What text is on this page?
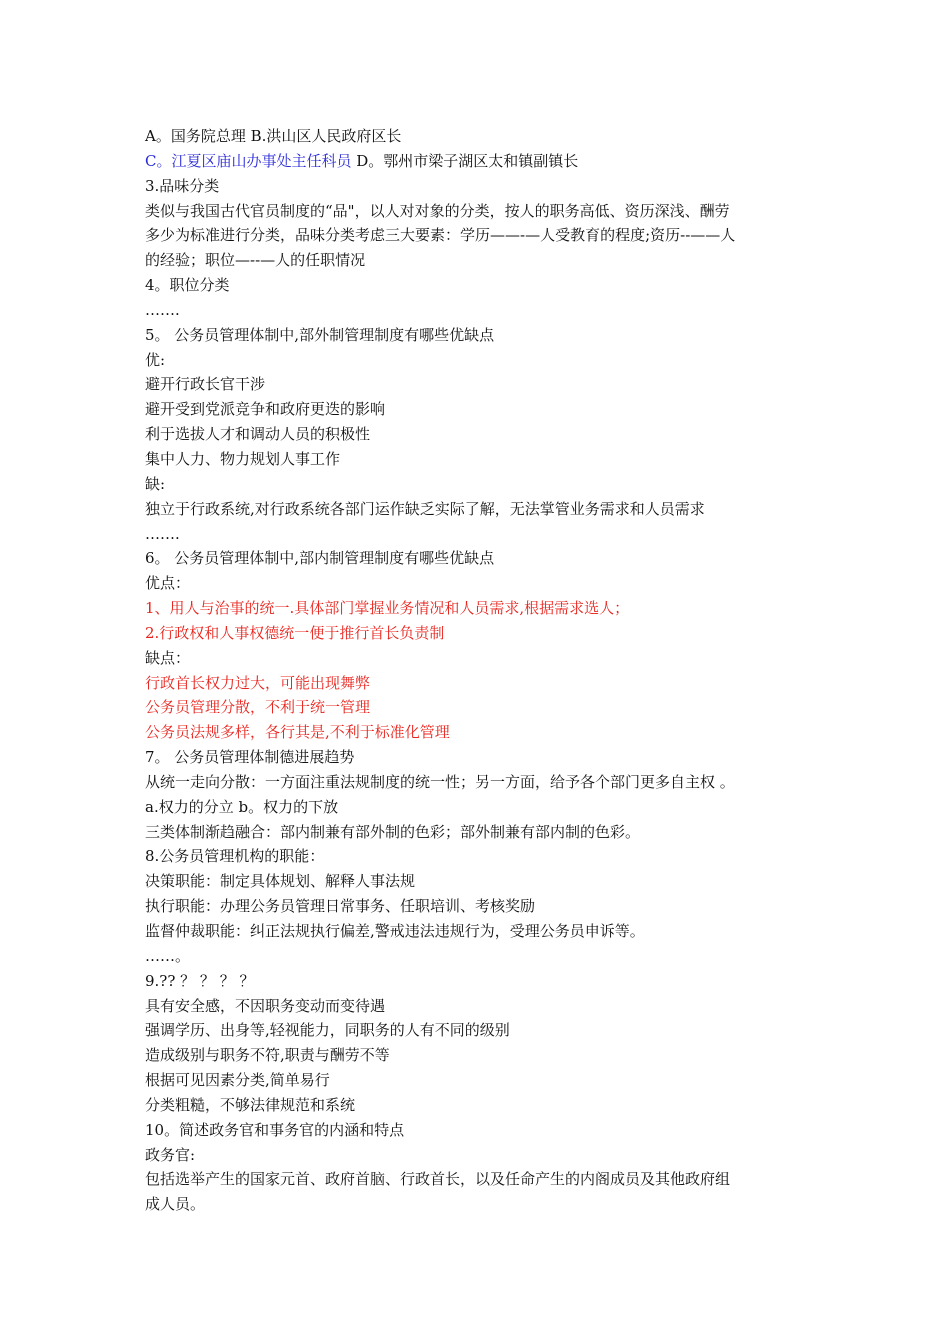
A。国务院总理 B.洪山区人民政府区长
C。江夏区庙山办事处主任科员 D。鄂州市梁子湖区太和镇副镇长
3.品味分类
类似与我国古代官员制度的“品"，以人对对象的分类，按人的职务高低、资历深浅、酬劳
多少为标准进行分类，品味分类考虑三大要素：学历——-—人受教育的程度;资历--——人
的经验；职位—--—人的任职情况
4。职位分类
…….
5。 公务员管理体制中,部外制管理制度有哪些优缺点
优:
避开行政长官干涉
避开受到党派竞争和政府更迭的影响
利于选拔人才和调动人员的积极性
集中人力、物力规划人事工作
缺:
独立于行政系统,对行政系统各部门运作缺乏实际了解，无法掌管业务需求和人员需求
…….
6。 公务员管理体制中,部内制管理制度有哪些优缺点
优点：
1、用人与治事的统一.具体部门掌握业务情况和人员需求,根据需求选人；
2.行政权和人事权德统一便于推行首长负责制
缺点：
行政首长权力过大，可能出现舞弊
公务员管理分散，不利于统一管理
公务员法规多样，各行其是,不利于标准化管理
7。 公务员管理体制德进展趋势
从统一走向分散：一方面注重法规制度的统一性；另一方面，给予各个部门更多自主权 。
a.权力的分立 b。权力的下放
三类体制渐趋融合：部内制兼有部外制的色彩；部外制兼有部内制的色彩。
8.公务员管理机构的职能：
决策职能：制定具体规划、解释人事法规
执行职能：办理公务员管理日常事务、任职培训、考核奖励
监督仲裁职能：纠正法规执行偏差,警戒违法违规行为，受理公务员申诉等。
……。
9.?? ？ ？ ？ ？
具有安全感，不因职务变动而变待遇
强调学历、出身等,轻视能力，同职务的人有不同的级别
造成级别与职务不符,职责与酬劳不等
根据可见因素分类,简单易行
分类粗糙，不够法律规范和系统
10。简述政务官和事务官的内涵和特点
政务官:
包括选举产生的国家元首、政府首脑、行政首长，以及任命产生的内阁成员及其他政府组
成人员。
